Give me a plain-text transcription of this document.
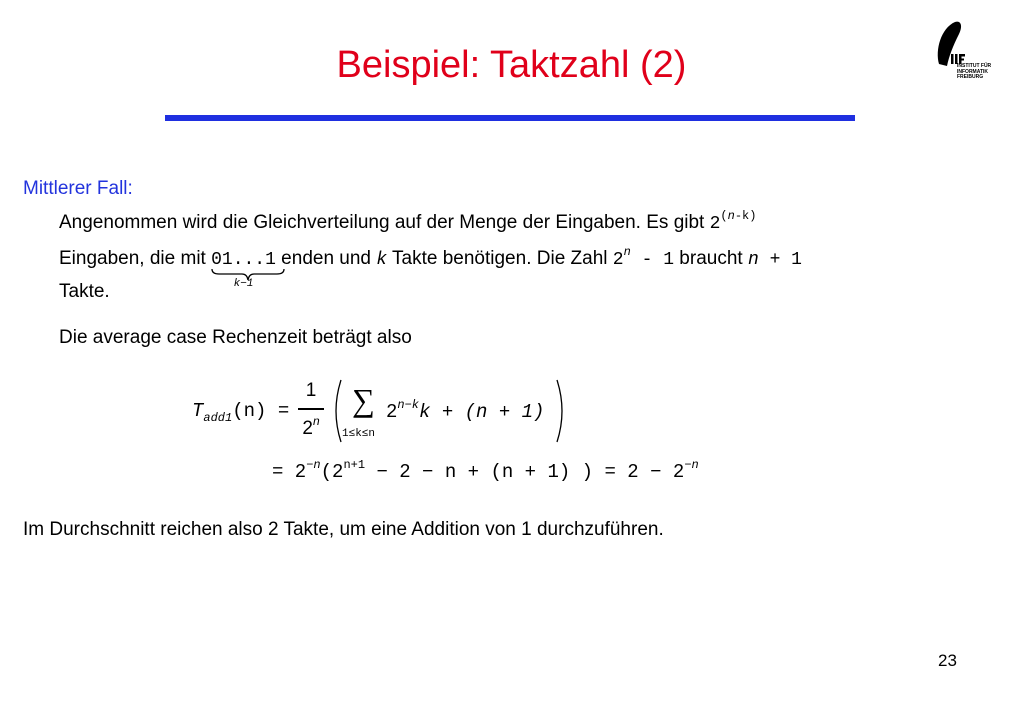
Beispiel: Taktzahl (2)	INSTITUT FÜR
INFORMATIK
FREIBURG
Mittlerer Fall:
Angenommen wird die Gleichverteilung auf der Menge der Eingaben. Es gibt 2$^{(n-k)}$
Eingaben, die mit 01...1
k−1
enden und k Takte benötigen. Die Zahl 2$^n$ - 1 braucht n + 1
Takte.
Die average case Rechenzeit beträgt also
$T_{add1}(n)$ =
1
2$^n$
∑
1≤k≤n
$2^{n-k}k + (n + 1)$
= $2^{-n}(2^{n+1} - 2 - n + (n + 1)$ ) = $2 - 2^{-n}$
Im Durchschnitt reichen also 2 Takte, um eine Addition von 1 durchzuführen.
23
